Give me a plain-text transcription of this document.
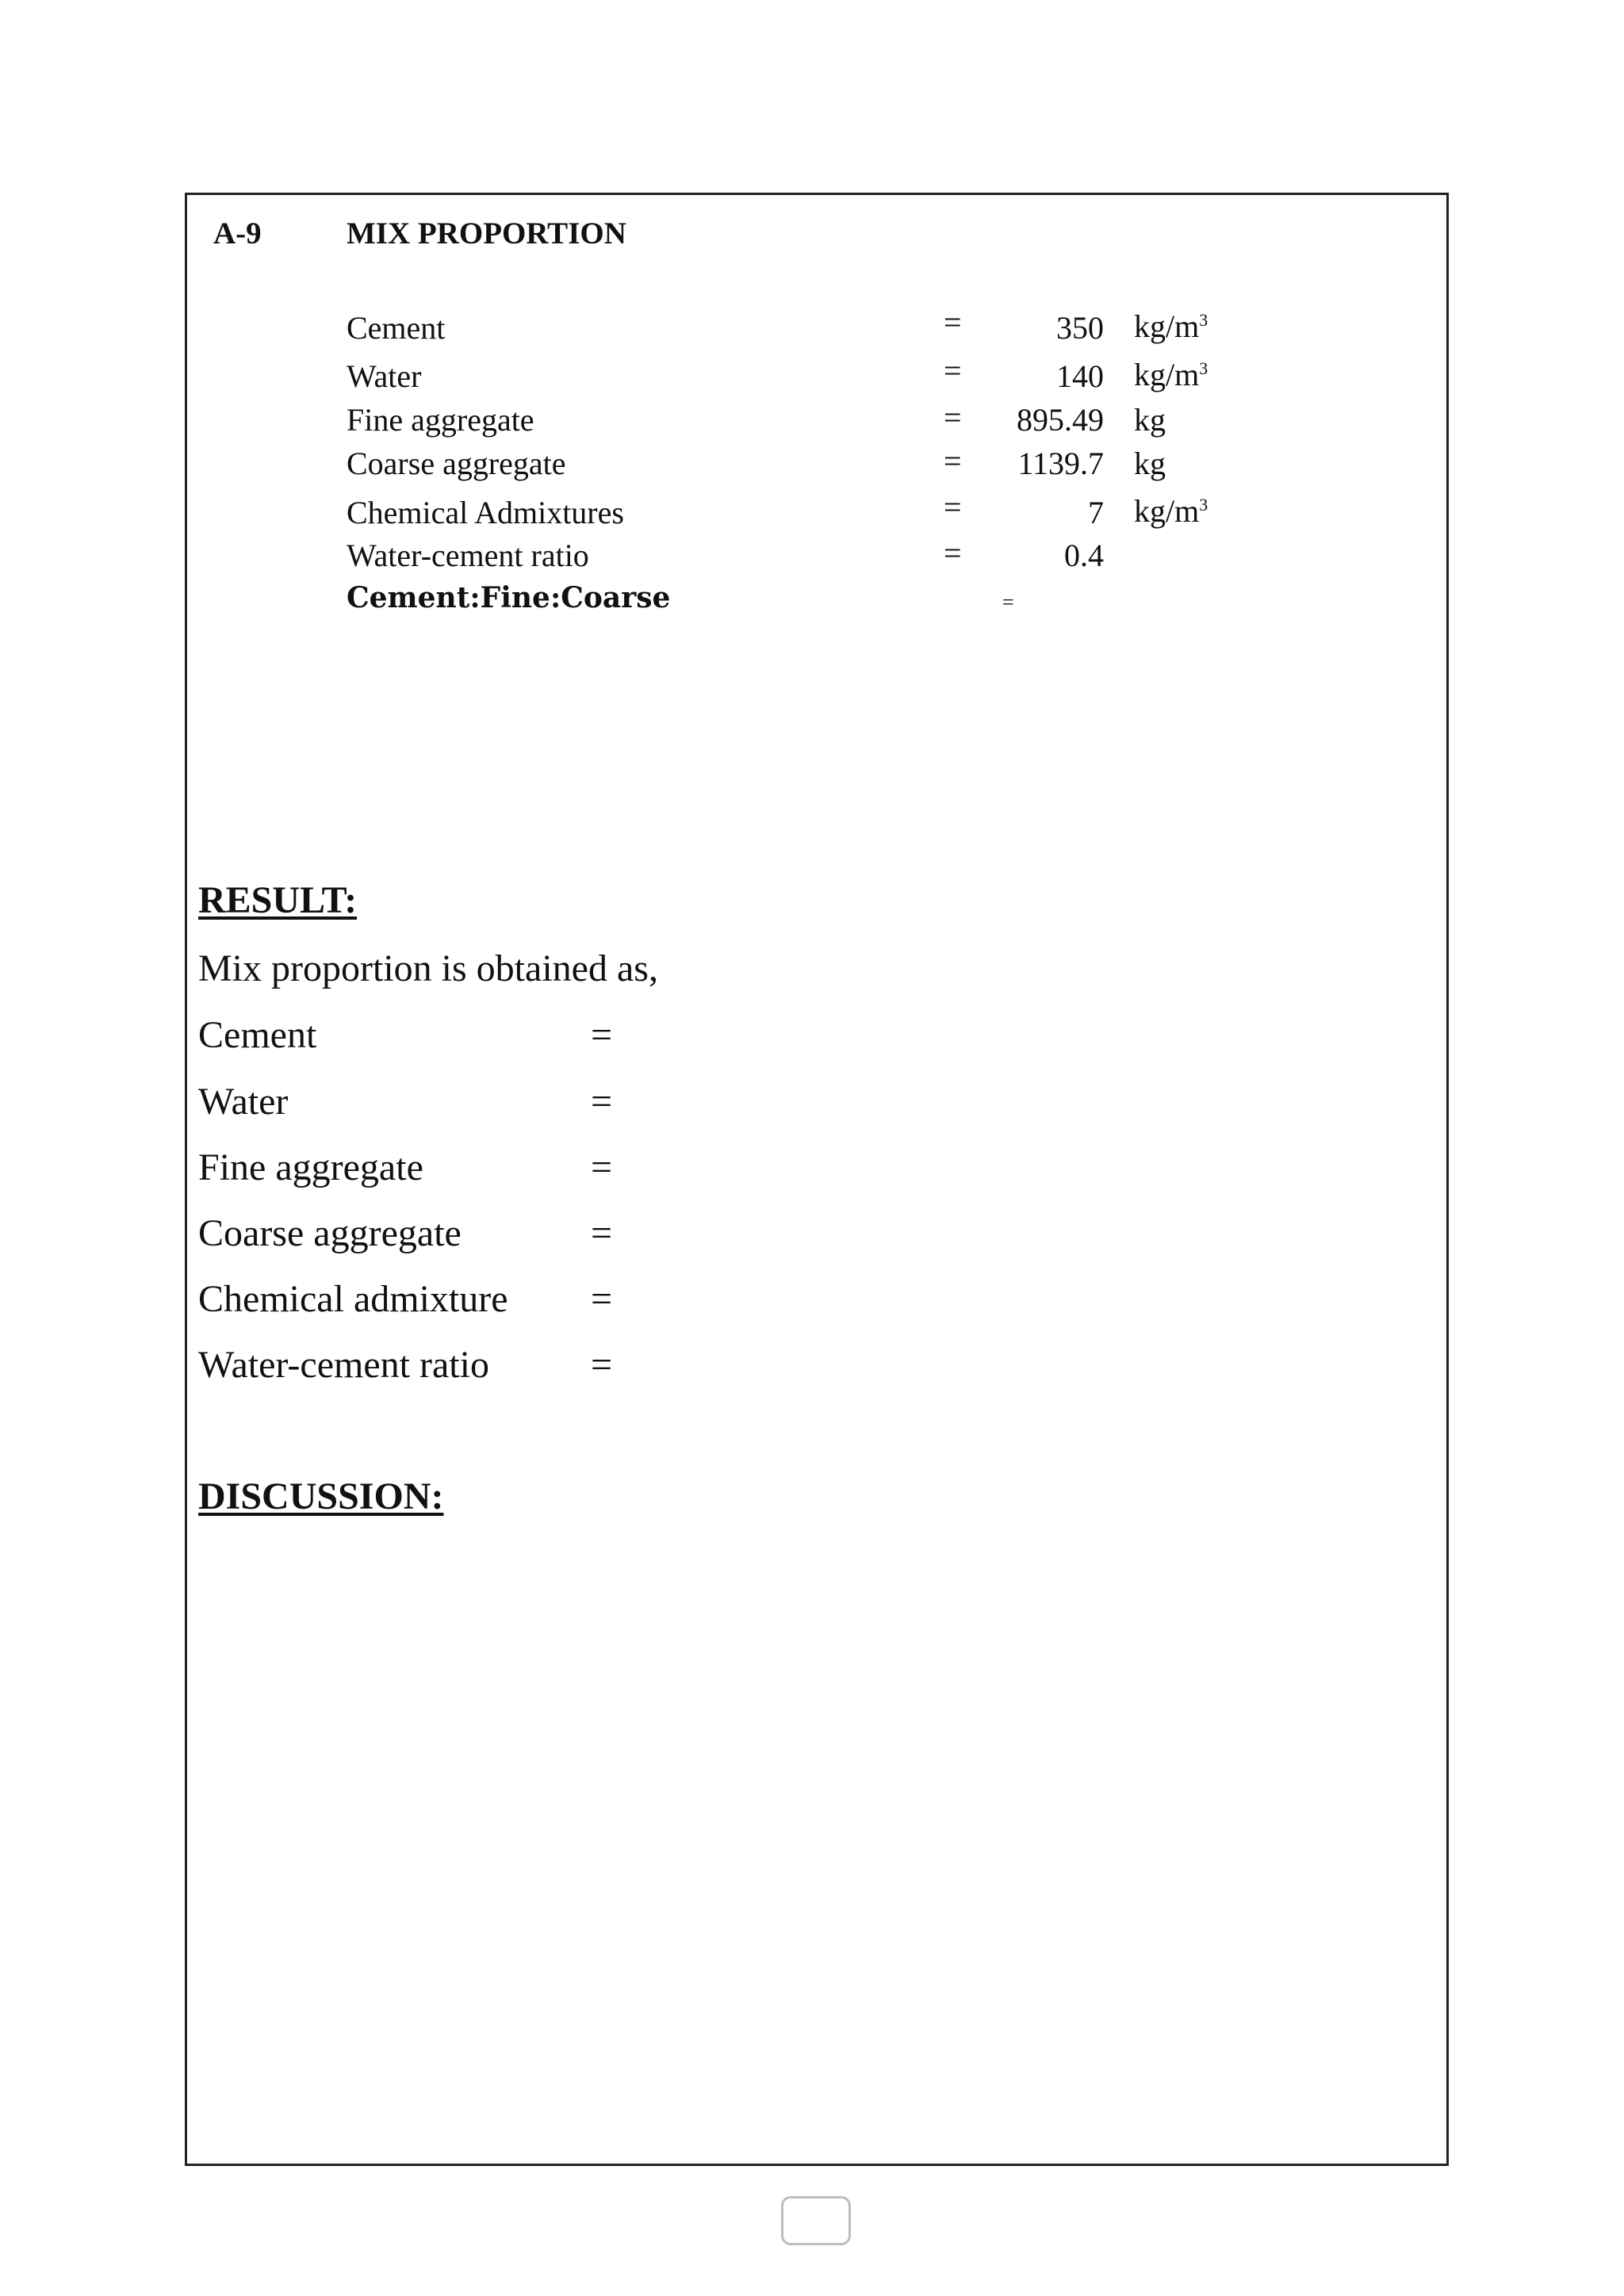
A-9	MIX PROPORTION
Cement	=	350 $kg/m^3$
Water	=	140 $kg/m^3$
Fine aggregate	=	895.49 kg
Coarse aggregate	=	1139.7 kg
Chemical Admixtures	=	7 $kg/m^3$
Water-cement ratio	=	0.4
Cement:Fine:Coarse	=
RESULT:
Mix proportion is obtained as,
Cement	=
Water	=
Fine aggregate	=
Coarse aggregate	=
Chemical admixture =
Water-cement ratio	=
DISCUSSION:
